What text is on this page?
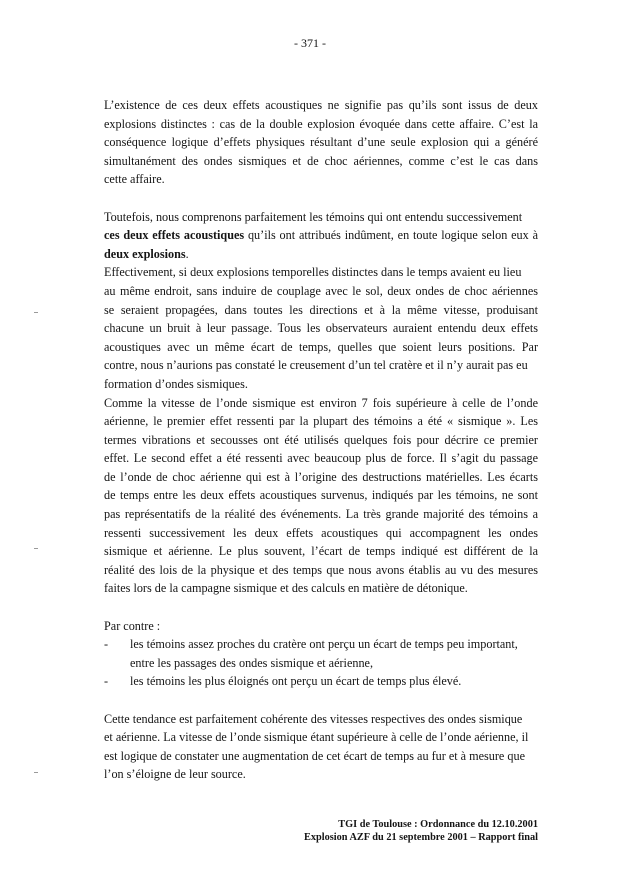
- 371 -

L’existence de ces deux effets acoustiques ne signifie pas qu’ils sont issus de deux
explosions distinctes : cas de la double explosion évoquée dans cette affaire. C’est la
conséquence logique d’effets physiques résultant d’une seule explosion qui a généré
simultanément des ondes sismiques et de choc aériennes, comme c’est le cas dans
cette affaire.

Toutefois, nous comprenons parfaitement les témoins qui ont entendu successivement
ces deux effets acoustiques qu’ils ont attribués indûment, en toute logique selon eux à
deux explosions.

Effectivement, si deux explosions temporelles distinctes dans le temps avaient eu lieu
au même endroit, sans induire de couplage avec le sol, deux ondes de choc aériennes
se seraient propagées, dans toutes les directions et à la même vitesse, produisant
chacune un bruit à leur passage. Tous les observateurs auraient entendu deux effets
acoustiques avec un même écart de temps, quelles que soient leurs positions. Par
contre, nous n’aurions pas constaté le creusement d’un tel cratère et il n’y aurait pas eu
formation d’ondes sismiques.

Comme la vitesse de l’onde sismique est environ 7 fois supérieure à celle de l’onde
aérienne, le premier effet ressenti par la plupart des témoins a été « sismique ». Les
termes vibrations et secousses ont été utilisés quelques fois pour décrire ce premier
effet. Le second effet a été ressenti avec beaucoup plus de force. Il s’agit du passage
de l’onde de choc aérienne qui est à l’origine des destructions matérielles. Les écarts
de temps entre les deux effets acoustiques survenus, indiqués par les témoins, ne sont
pas représentatifs de la réalité des événements. La très grande majorité des témoins a
ressenti successivement les deux effets acoustiques qui accompagnent les ondes
sismique et aérienne. Le plus souvent, l’écart de temps indiqué est différent de la
réalité des lois de la physique et des temps que nous avons établis au vu des mesures
faites lors de la campagne sismique et des calculs en matière de détonique.

Par contre :

- les témoins assez proches du cratère ont perçu un écart de temps peu important,
entre les passages des ondes sismique et aérienne,
- les témoins les plus éloignés ont perçu un écart de temps plus élevé.

Cette tendance est parfaitement cohérente des vitesses respectives des ondes sismique
et aérienne. La vitesse de l’onde sismique étant supérieure à celle de l’onde aérienne, il
est logique de constater une augmentation de cet écart de temps au fur et à mesure que
l’on s’éloigne de leur source.

TGI de Toulouse : Ordonnance du 12.10.2001
Explosion AZF du 21 septembre 2001 – Rapport final
